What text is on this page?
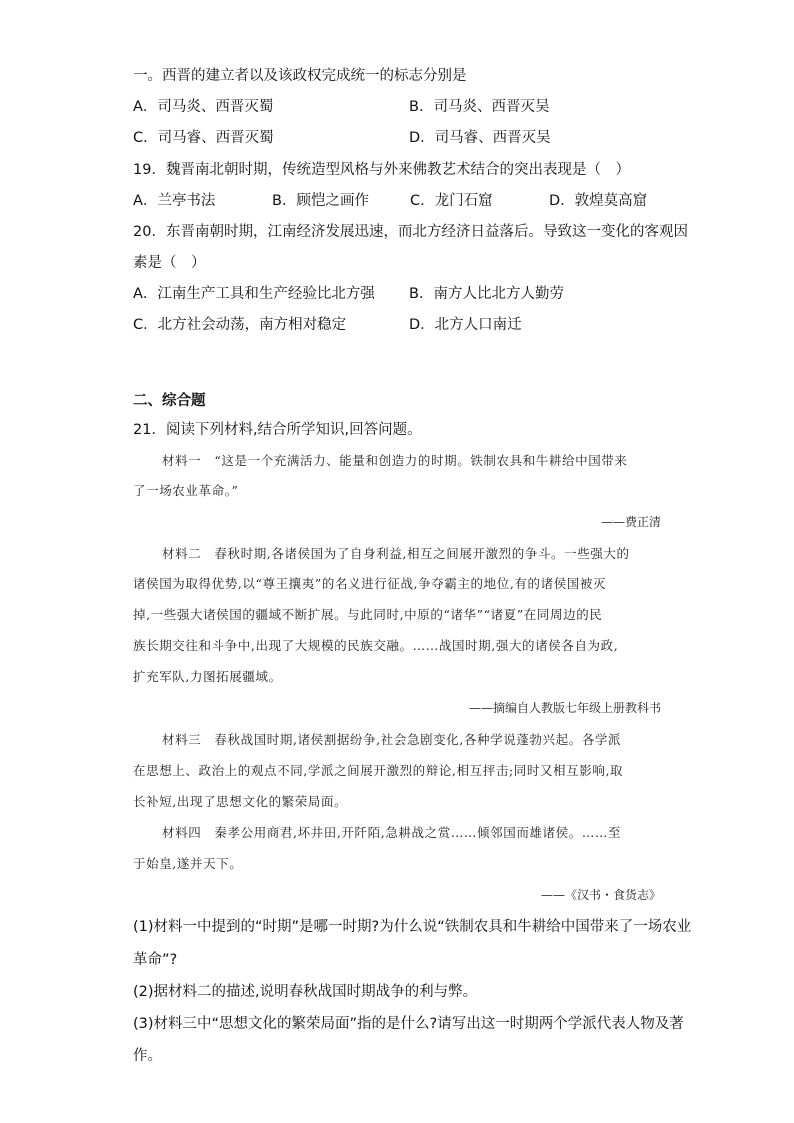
一。西晋的建立者以及该政权完成统一的标志分别是
A．司马炎、西晋灭蜀	B．司马炎、西晋灭吴
C．司马睿、西晋灭蜀	D．司马睿、西晋灭吴
19．魏晋南北朝时期，传统造型风格与外来佛教艺术结合的突出表现是（　）
A．兰亭书法	B．顾恺之画作	C．龙门石窟	D．敦煌莫高窟
20．东晋南朝时期，江南经济发展迅速，而北方经济日益落后。导致这一变化的客观因
素是（　）
A．江南生产工具和生产经验比北方强 B．南方人比北方人勤劳
C．北方社会动荡，南方相对稳定	D．北方人口南迁
二、综合题
21．阅读下列材料,结合所学知识,回答问题。
材料一　“这是一个充满活力、能量和创造力的时期。铁制农具和牛耕给中国带来
了一场农业革命。”
——费正清
材料二　春秋时期,各诸侯国为了自身利益,相互之间展开激烈的争斗。一些强大的
诸侯国为取得优势,以“尊王攘夷”的名义进行征战,争夺霸主的地位,有的诸侯国被灭
掉,一些强大诸侯国的疆域不断扩展。与此同时,中原的“诸华”“诸夏”在同周边的民
族长期交往和斗争中,出现了大规模的民族交融。……战国时期,强大的诸侯各自为政,
扩充军队,力图拓展疆域。
——摘编自人教版七年级上册教科书
材料三　春秋战国时期,诸侯割据纷争,社会急剧变化,各种学说蓬勃兴起。各学派
在思想上、政治上的观点不同,学派之间展开激烈的辩论,相互抨击;同时又相互影响,取
长补短,出现了思想文化的繁荣局面。
材料四　秦孝公用商君,坏井田,开阡陌,急耕战之赏……倾邻国而雄诸侯。……至
于始皇,遂并天下。
——《汉书・食货志》
(1)材料一中提到的“时期”是哪一时期?为什么说“铁制农具和牛耕给中国带来了一场农业
革命”?
(2)据材料二的描述,说明春秋战国时期战争的利与弊。
(3)材料三中“思想文化的繁荣局面”指的是什么?请写出这一时期两个学派代表人物及著
作。
